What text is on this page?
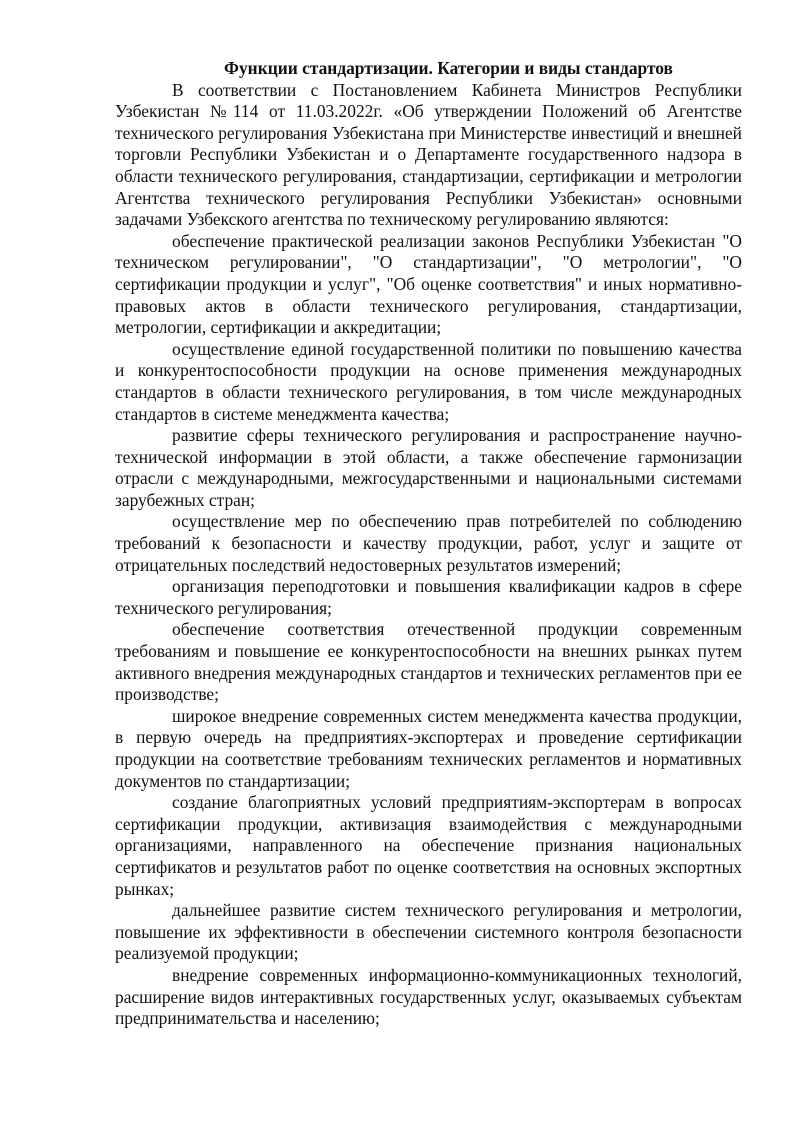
Функции стандартизации. Категории и виды стандартов

В соответствии с Постановлением Кабинета Министров Республики Узбекистан №114 от 11.03.2022г. «Об утверждении Положений об Агентстве технического регулирования Узбекистана при Министерстве инвестиций и внешней торговли Республики Узбекистан и о Департаменте государственного надзора в области технического регулирования, стандартизации, сертификации и метрологии Агентства технического регулирования Республики Узбекистан» основными задачами Узбекского агентства по техническому регулированию являются:

обеспечение практической реализации законов Республики Узбекистан "О техническом регулировании", "О стандартизации", "О метрологии", "О сертификации продукции и услуг", "Об оценке соответствия" и иных нормативно-правовых актов в области технического регулирования, стандартизации, метрологии, сертификации и аккредитации;

осуществление единой государственной политики по повышению качества и конкурентоспособности продукции на основе применения международных стандартов в области технического регулирования, в том числе международных стандартов в системе менеджмента качества;

развитие сферы технического регулирования и распространение научно-технической информации в этой области, а также обеспечение гармонизации отрасли с международными, межгосударственными и национальными системами зарубежных стран;

осуществление мер по обеспечению прав потребителей по соблюдению требований к безопасности и качеству продукции, работ, услуг и защите от отрицательных последствий недостоверных результатов измерений;

организация переподготовки и повышения квалификации кадров в сфере технического регулирования;

обеспечение соответствия отечественной продукции современным требованиям и повышение ее конкурентоспособности на внешних рынках путем активного внедрения международных стандартов и технических регламентов при ее производстве;

широкое внедрение современных систем менеджмента качества продукции, в первую очередь на предприятиях-экспортерах и проведение сертификации продукции на соответствие требованиям технических регламентов и нормативных документов по стандартизации;

создание благоприятных условий предприятиям-экспортерам в вопросах сертификации продукции, активизация взаимодействия с международными организациями, направленного на обеспечение признания национальных сертификатов и результатов работ по оценке соответствия на основных экспортных рынках;

дальнейшее развитие систем технического регулирования и метрологии, повышение их эффективности в обеспечении системного контроля безопасности реализуемой продукции;

внедрение современных информационно-коммуникационных технологий, расширение видов интерактивных государственных услуг, оказываемых субъектам предпринимательства и населению;
